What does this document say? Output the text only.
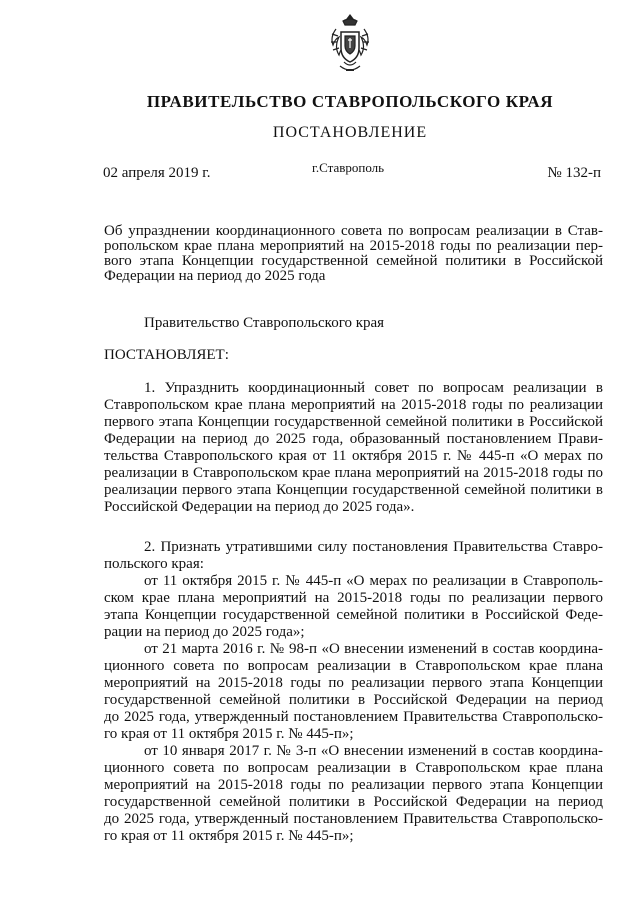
ПРАВИТЕЛЬСТВО СТАВРОПОЛЬСКОГО КРАЯ
ПОСТАНОВЛЕНИЕ
02 апреля 2019 г.	г.Ставрополь	№ 132-п
Об упразднении координационного совета по вопросам реализации в Став-
ропольском крае плана мероприятий на 2015-2018 годы по реализации пер-
вого этапа Концепции государственной семейной политики в Российской
Федерации на период до 2025 года
Правительство Ставропольского края
ПОСТАНОВЛЯЕТ:
1. Упразднить координационный совет по вопросам реализации в
Ставропольском крае плана мероприятий на 2015-2018 годы по реализации
первого этапа Концепции государственной семейной политики в Российской
Федерации на период до 2025 года, образованный постановлением Прави-
тельства Ставропольского края от 11 октября 2015 г. № 445-п «О мерах по
реализации в Ставропольском крае плана мероприятий на 2015-2018 годы по
реализации первого этапа Концепции государственной семейной политики в
Российской Федерации на период до 2025 года».
2. Признать утратившими силу постановления Правительства Ставро-
польского края:
от 11 октября 2015 г. № 445-п «О мерах по реализации в Ставрополь-
ском крае плана мероприятий на 2015-2018 годы по реализации первого
этапа Концепции государственной семейной политики в Российской Феде-
рации на период до 2025 года»;
от 21 марта 2016 г. № 98-п «О внесении изменений в состав координа-
ционного совета по вопросам реализации в Ставропольском крае плана
мероприятий на 2015-2018 годы по реализации первого этапа Концепции
государственной семейной политики в Российской Федерации на период
до 2025 года, утвержденный постановлением Правительства Ставропольско-
го края от 11 октября 2015 г. № 445-п»;
от 10 января 2017 г. № 3-п «О внесении изменений в состав координа-
ционного совета по вопросам реализации в Ставропольском крае плана
мероприятий на 2015-2018 годы по реализации первого этапа Концепции
государственной семейной политики в Российской Федерации на период
до 2025 года, утвержденный постановлением Правительства Ставропольско-
го края от 11 октября 2015 г. № 445-п»;
